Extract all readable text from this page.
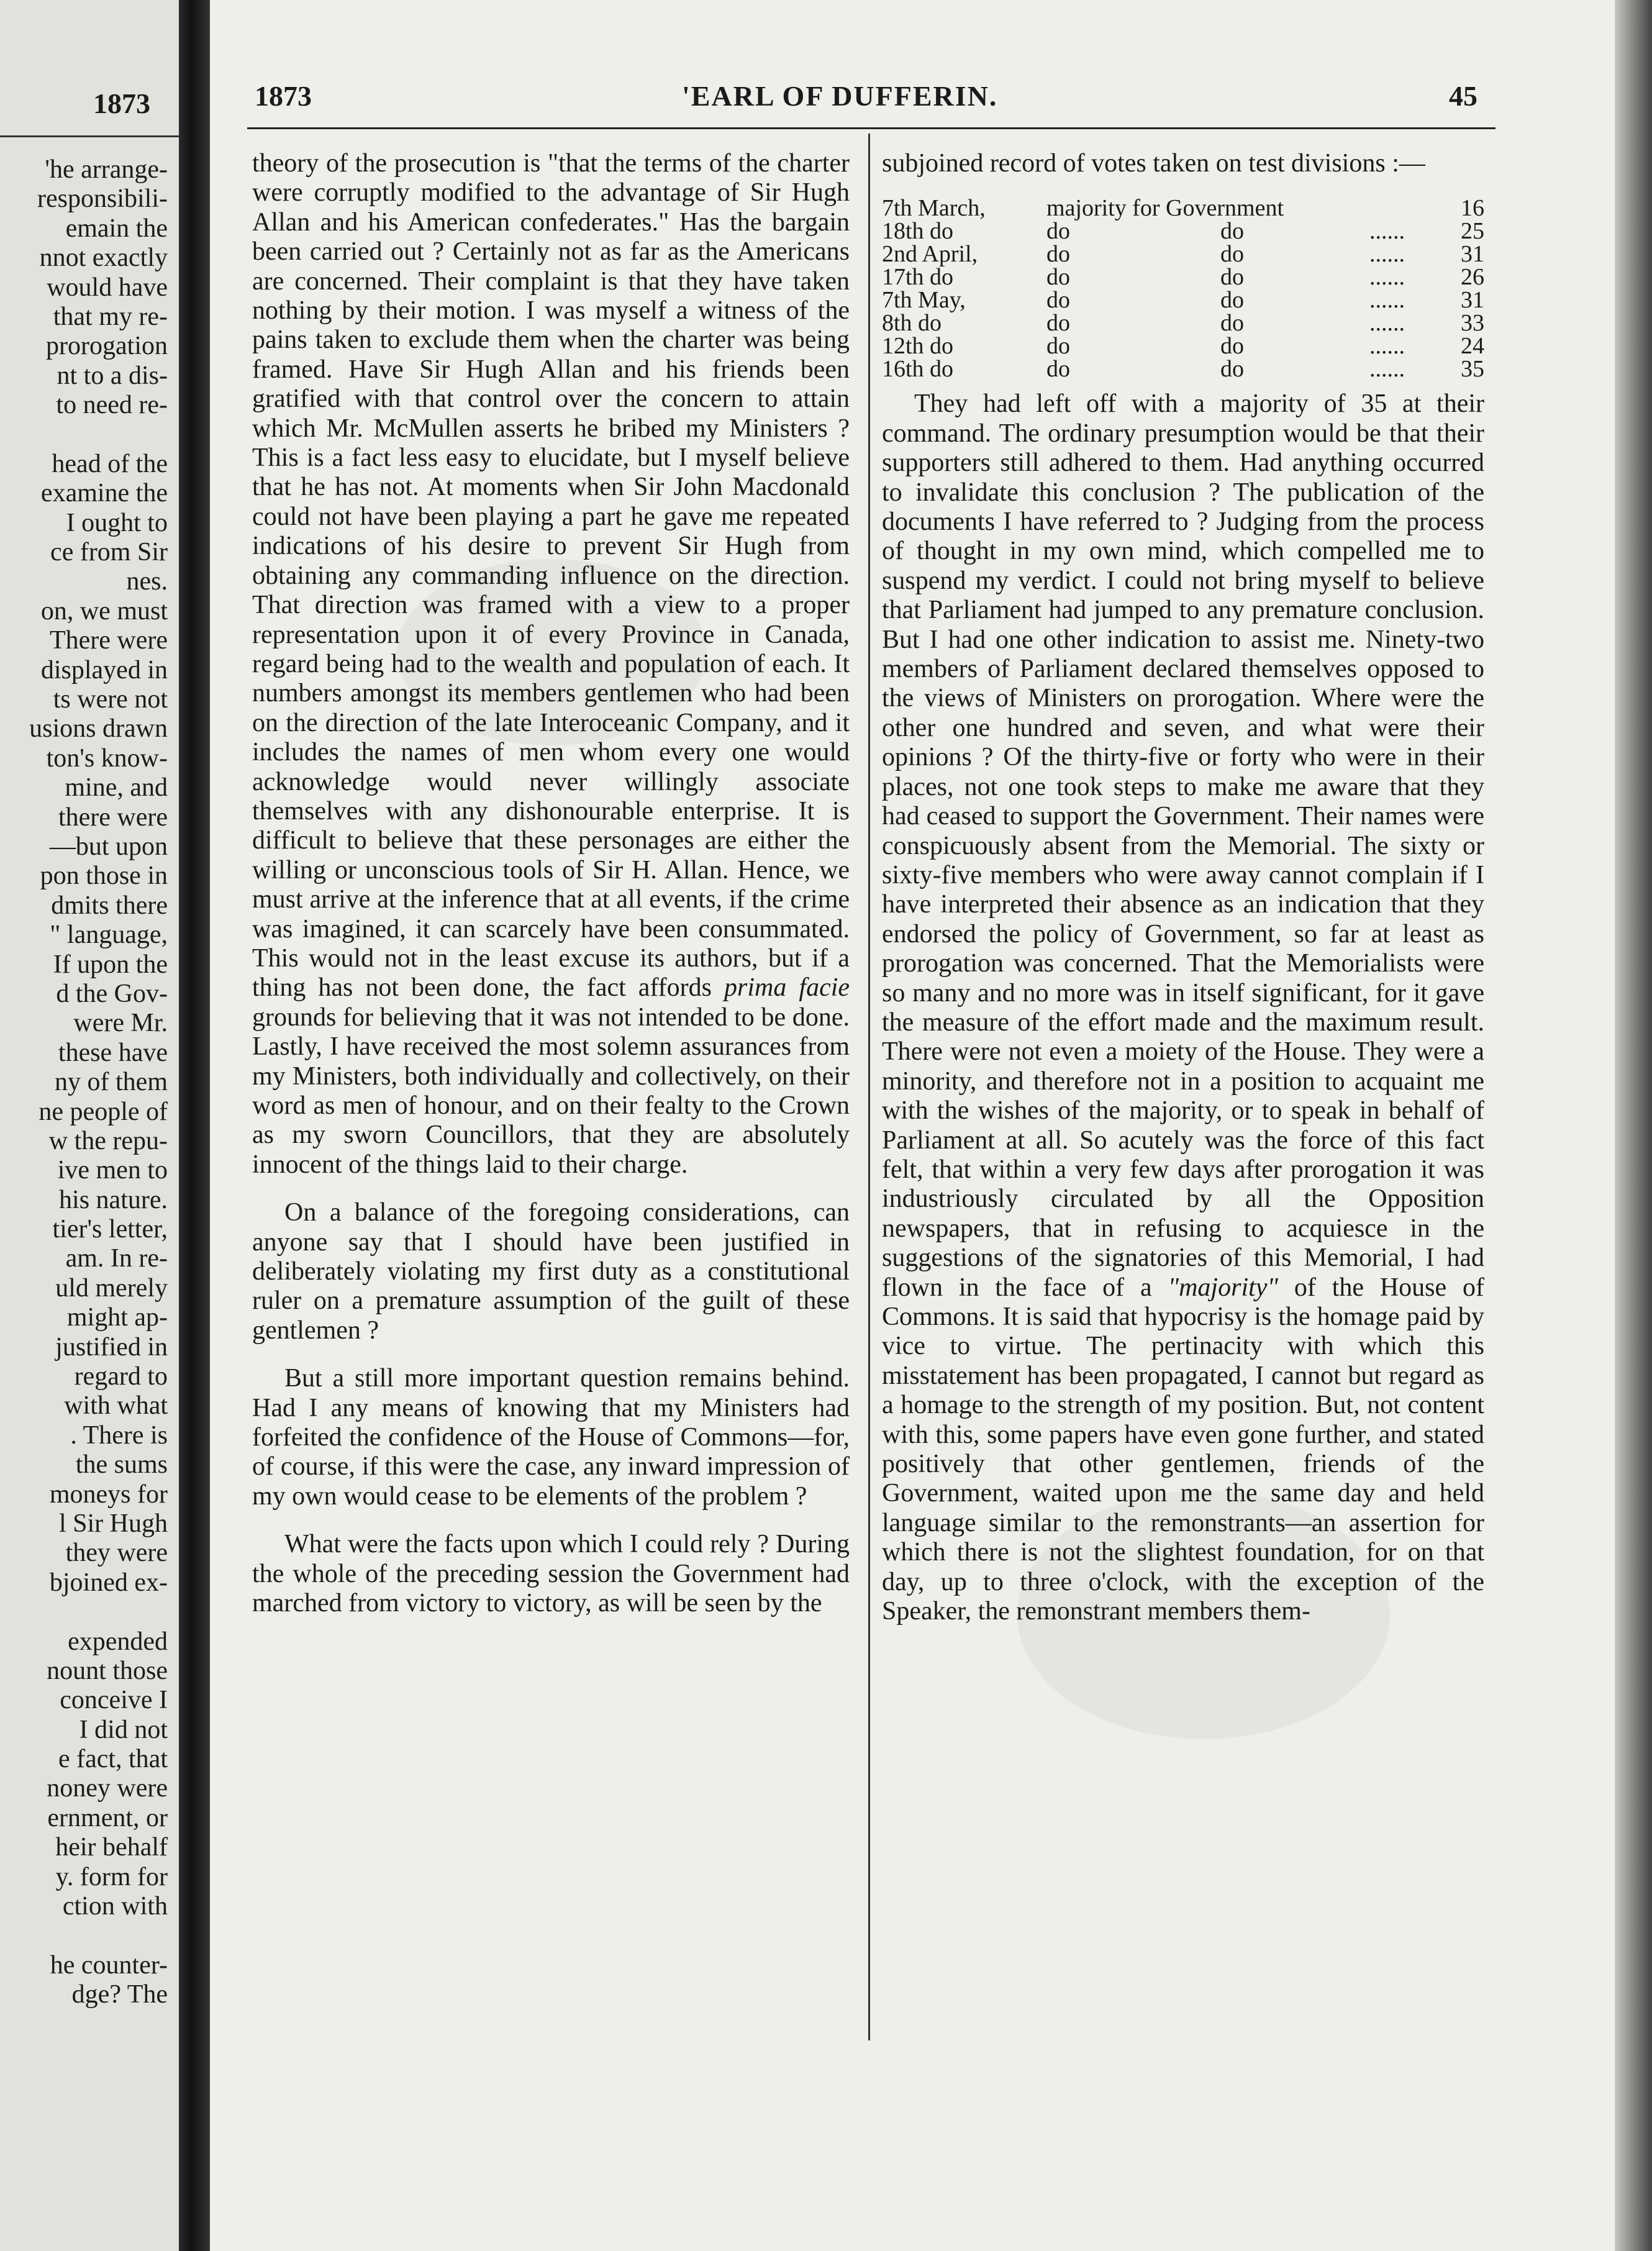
1873
'he arrange-
responsibili-
emain the
nnot exactly
would have
that my re-
prorogation
nt to a dis-
to need re-
head of the
examine the
I ought to
ce from Sir
nes.
on, we must
There were
displayed in
ts were not
usions drawn
ton's know-
mine, and
there were
—but upon
pon those in
dmits there
" language,
If upon the
d the Gov-
were Mr.
these have
ny of them
ne people of
w the repu-
ive men to
his nature.
tier's letter,
am. In re-
uld merely
might ap-
justified in
regard to
with what
. There is
the sums
moneys for
l Sir Hugh
they were
bjoined ex-
expended
nount those
conceive I
I did not
e fact, that
noney were
ernment, or
heir behalf
y. form for
ction with
he counter-
dge? The
1873	'EARL OF DUFFERIN.	45

theory of the prosecution is "that the terms of the charter were corruptly modified to the advantage of Sir Hugh Allan and his American confederates." Has the bargain been carried out ? Certainly not as far as the Americans are concerned. Their complaint is that they have taken nothing by their motion. I was myself a witness of the pains taken to exclude them when the charter was being framed. Have Sir Hugh Allan and his friends been gratified with that control over the concern to attain which Mr. McMullen asserts he bribed my Ministers ? This is a fact less easy to elucidate, but I myself believe that he has not. At moments when Sir John Macdonald could not have been playing a part he gave me repeated indications of his desire to prevent Sir Hugh from obtaining any commanding influence on the direction. That direction was framed with a view to a proper representation upon it of every Province in Canada, regard being had to the wealth and population of each. It numbers amongst its members gentlemen who had been on the direction of the late Interoceanic Company, and it includes the names of men whom every one would acknowledge would never willingly associate themselves with any dishonourable enterprise. It is difficult to believe that these personages are either the willing or unconscious tools of Sir H. Allan. Hence, we must arrive at the inference that at all events, if the crime was imagined, it can scarcely have been consummated. This would not in the least excuse its authors, but if a thing has not been done, the fact affords prima facie grounds for believing that it was not intended to be done. Lastly, I have received the most solemn assurances from my Ministers, both individually and collectively, on their word as men of honour, and on their fealty to the Crown as my sworn Councillors, that they are absolutely innocent of the things laid to their charge.

On a balance of the foregoing considerations, can anyone say that I should have been justified in deliberately violating my first duty as a constitutional ruler on a premature assumption of the guilt of these gentlemen ?

But a still more important question remains behind. Had I any means of knowing that my Ministers had forfeited the confidence of the House of Commons—for, of course, if this were the case, any inward impression of my own would cease to be elements of the problem ?

What were the facts upon which I could rely ? During the whole of the preceding session the Government had marched from victory to victory, as will be seen by the

subjoined record of votes taken on test divisions :—

7th March,	majority for Government			16
18th do	do	do	......	25
2nd April,	do	do	......	31
17th do	do	do	......	26
7th May,	do	do	......	31
8th do	do	do	......	33
12th do	do	do	......	24
16th do	do	do	......	35

They had left off with a majority of 35 at their command. The ordinary presumption would be that their supporters still adhered to them. Had anything occurred to invalidate this conclusion ? The publication of the documents I have referred to ? Judging from the process of thought in my own mind, which compelled me to suspend my verdict. I could not bring myself to believe that Parliament had jumped to any premature conclusion. But I had one other indication to assist me. Ninety-two members of Parliament declared themselves opposed to the views of Ministers on prorogation. Where were the other one hundred and seven, and what were their opinions ? Of the thirty-five or forty who were in their places, not one took steps to make me aware that they had ceased to support the Government. Their names were conspicuously absent from the Memorial. The sixty or sixty-five members who were away cannot complain if I have interpreted their absence as an indication that they endorsed the policy of Government, so far at least as prorogation was concerned. That the Memorialists were so many and no more was in itself significant, for it gave the measure of the effort made and the maximum result. There were not even a moiety of the House. They were a minority, and therefore not in a position to acquaint me with the wishes of the majority, or to speak in behalf of Parliament at all. So acutely was the force of this fact felt, that within a very few days after prorogation it was industriously circulated by all the Opposition newspapers, that in refusing to acquiesce in the suggestions of the signatories of this Memorial, I had flown in the face of a "majority" of the House of Commons. It is said that hypocrisy is the homage paid by vice to virtue. The pertinacity with which this misstatement has been propagated, I cannot but regard as a homage to the strength of my position. But, not content with this, some papers have even gone further, and stated positively that other gentlemen, friends of the Government, waited upon me the same day and held language similar to the remonstrants—an assertion for which there is not the slightest foundation, for on that day, up to three o'clock, with the exception of the Speaker, the remonstrant members them-
